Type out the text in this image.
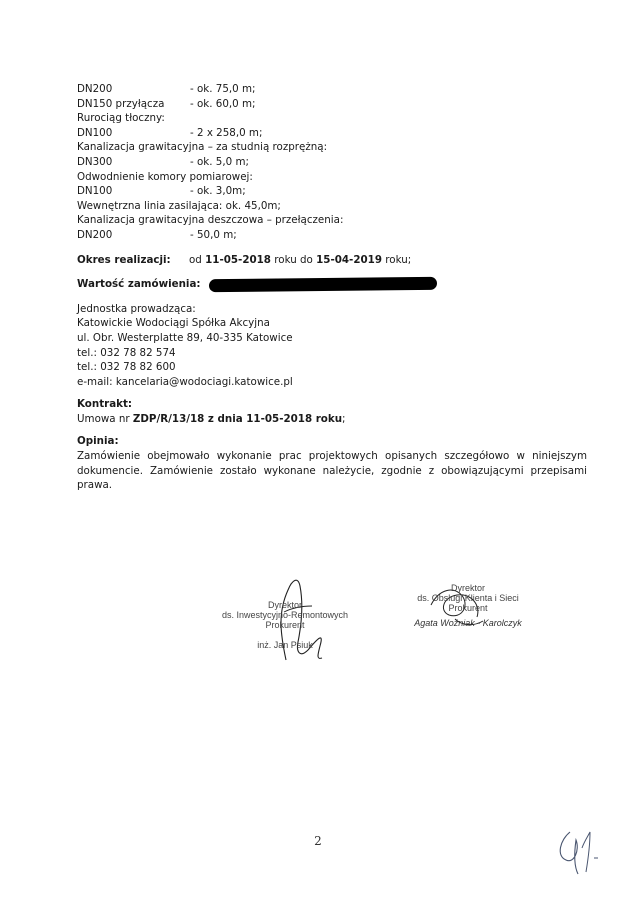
DN200	- ok. 75,0 m;
DN150 przyłącza	- ok. 60,0 m;
Rurociąg tłoczny:
DN100	- 2 x 258,0 m;
Kanalizacja grawitacyjna – za studnią rozprężną:
DN300	- ok. 5,0 m;
Odwodnienie komory pomiarowej:
DN100	- ok. 3,0m;
Wewnętrzna linia zasilająca: ok. 45,0m;
Kanalizacja grawitacyjna deszczowa – przełączenia:
DN200	- 50,0 m;
Okres realizacji:	od 11-05-2018 roku do 15-04-2019 roku;
Wartość zamówienia:
Jednostka prowadząca:
Katowickie Wodociągi Spółka Akcyjna
ul. Obr. Westerplatte 89, 40-335 Katowice
tel.: 032 78 82 574
tel.: 032 78 82 600
e-mail: kancelaria@wodociagi.katowice.pl
Kontrakt:
Umowa nr ZDP/R/13/18 z dnia 11-05-2018 roku;
Opinia:
Zamówienie obejmowało wykonanie prac projektowych opisanych szczegółowo w niniejszym dokumencie. Zamówienie zostało wykonane należycie, zgodnie z obowiązującymi przepisami prawa.
Dyrektor
ds. Inwestycyjno-Remontowych
Prokurent
inż. Jan Psiuk
Dyrektor
ds. Obsługi Klienta i Sieci
Prokurent
Agata Woźniak - Karolczyk
2
